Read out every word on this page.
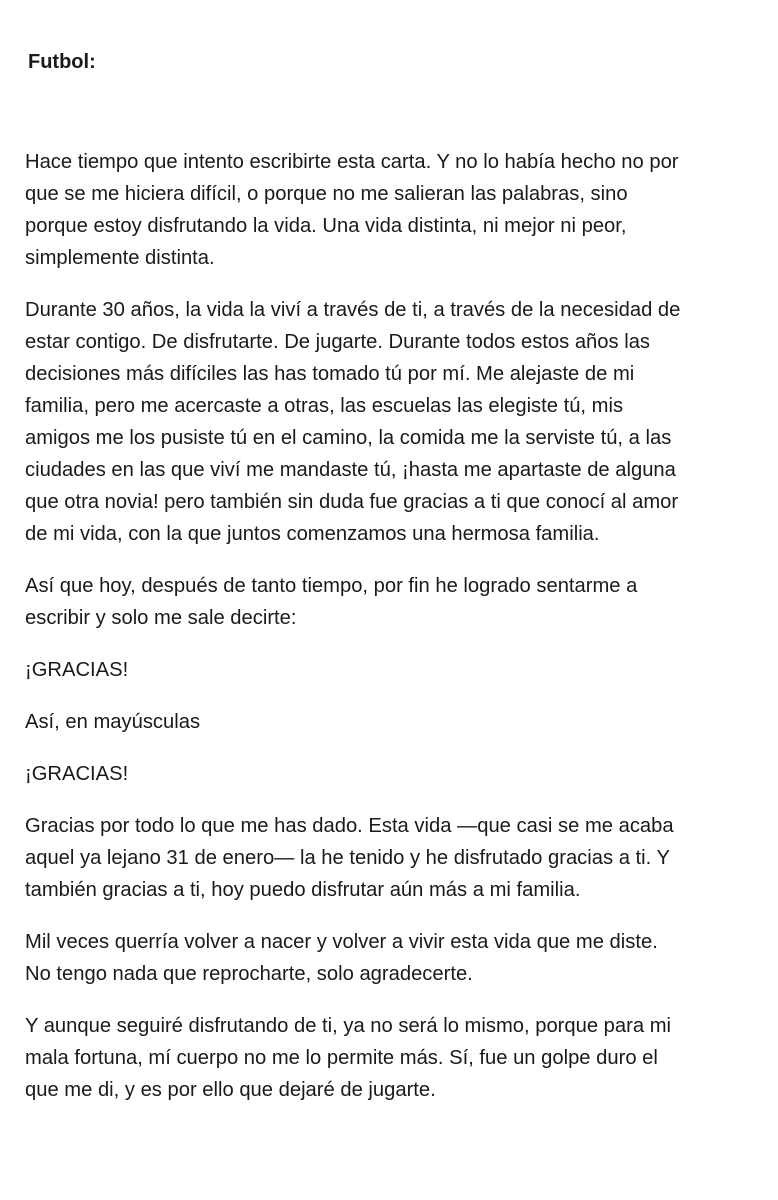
Futbol:

Hace tiempo que intento escribirte esta carta. Y no lo había hecho no por
que se me hiciera difícil, o porque no me salieran las palabras, sino
porque estoy disfrutando la vida. Una vida distinta, ni mejor ni peor,
simplemente distinta.

Durante 30 años, la vida la viví a través de ti, a través de la necesidad de
estar contigo. De disfrutarte. De jugarte. Durante todos estos años las
decisiones más difíciles las has tomado tú por mí. Me alejaste de mi
familia, pero me acercaste a otras, las escuelas las elegiste tú, mis
amigos me los pusiste tú en el camino, la comida me la serviste tú, a las
ciudades en las que viví me mandaste tú, ¡hasta me apartaste de alguna
que otra novia! pero también sin duda fue gracias a ti que conocí al amor
de mi vida, con la que juntos comenzamos una hermosa familia.

Así que hoy, después de tanto tiempo, por fin he logrado sentarme a
escribir y solo me sale decirte:

¡GRACIAS!

Así, en mayúsculas

¡GRACIAS!

Gracias por todo lo que me has dado. Esta vida —que casi se me acaba
aquel ya lejano 31 de enero— la he tenido y he disfrutado gracias a ti. Y
también gracias a ti, hoy puedo disfrutar aún más a mi familia.

Mil veces querría volver a nacer y volver a vivir esta vida que me diste.
No tengo nada que reprocharte, solo agradecerte.

Y aunque seguiré disfrutando de ti, ya no será lo mismo, porque para mi
mala fortuna, mí cuerpo no me lo permite más. Sí, fue un golpe duro el
que me di, y es por ello que dejaré de jugarte.
